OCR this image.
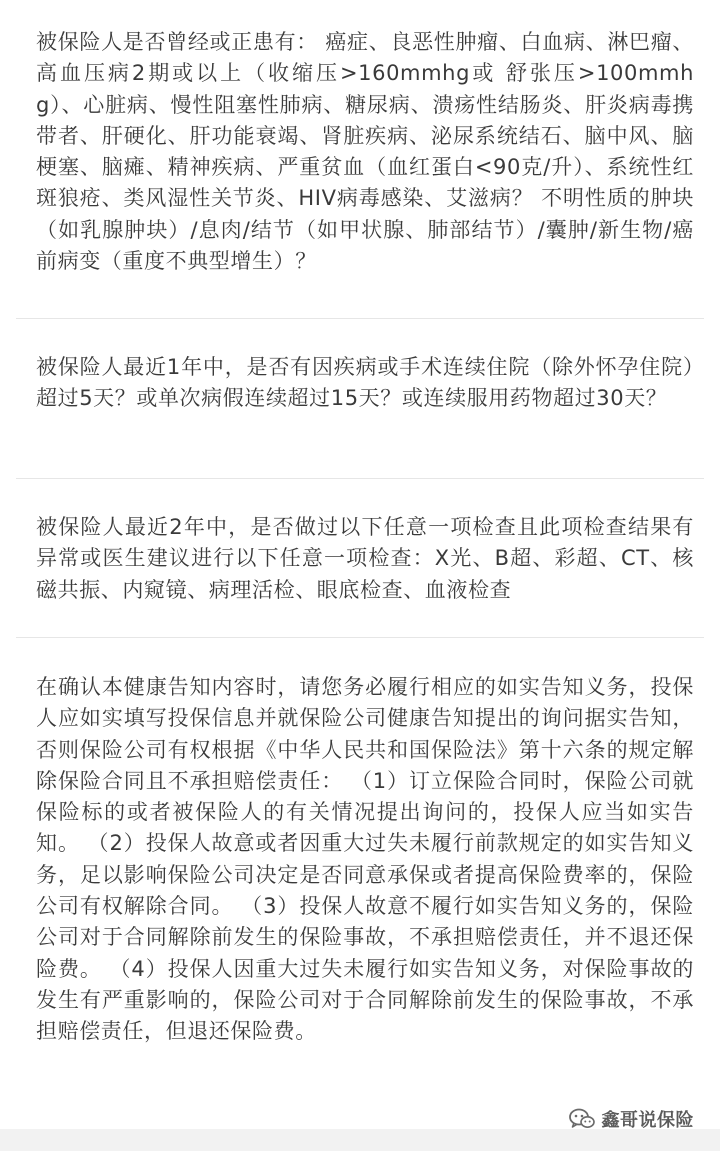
被保险人是否曾经或正患有： 癌症、良恶性肿瘤、白血病、淋巴瘤、高血压病2期或以上（收缩压>160mmhg或 舒张压>100mmhg）、心脏病、慢性阻塞性肺病、糖尿病、溃疡性结肠炎、肝炎病毒携带者、肝硬化、肝功能衰竭、肾脏疾病、泌尿系统结石、脑中风、脑梗塞、脑瘫、精神疾病、严重贫血（血红蛋白<90克/升）、系统性红斑狼疮、类风湿性关节炎、HIV病毒感染、艾滋病？ 不明性质的肿块（如乳腺肿块）/息肉/结节（如甲状腺、肺部结节）/囊肿/新生物/癌前病变（重度不典型增生）？

被保险人最近1年中，是否有因疾病或手术连续住院（除外怀孕住院）超过5天？或单次病假连续超过15天？或连续服用药物超过30天？

被保险人最近2年中，是否做过以下任意一项检查且此项检查结果有异常或医生建议进行以下任意一项检查：X光、B超、彩超、CT、核磁共振、内窥镜、病理活检、眼底检查、血液检查

在确认本健康告知内容时，请您务必履行相应的如实告知义务，投保人应如实填写投保信息并就保险公司健康告知提出的询问据实告知，否则保险公司有权根据《中华人民共和国保险法》第十六条的规定解除保险合同且不承担赔偿责任： （1）订立保险合同时，保险公司就保险标的或者被保险人的有关情况提出询问的，投保人应当如实告知。 （2）投保人故意或者因重大过失未履行前款规定的如实告知义务，足以影响保险公司决定是否同意承保或者提高保险费率的，保险公司有权解除合同。 （3）投保人故意不履行如实告知义务的，保险公司对于合同解除前发生的保险事故，不承担赔偿责任，并不退还保险费。 （4）投保人因重大过失未履行如实告知义务，对保险事故的发生有严重影响的，保险公司对于合同解除前发生的保险事故，不承担赔偿责任，但退还保险费。

鑫哥说保险
